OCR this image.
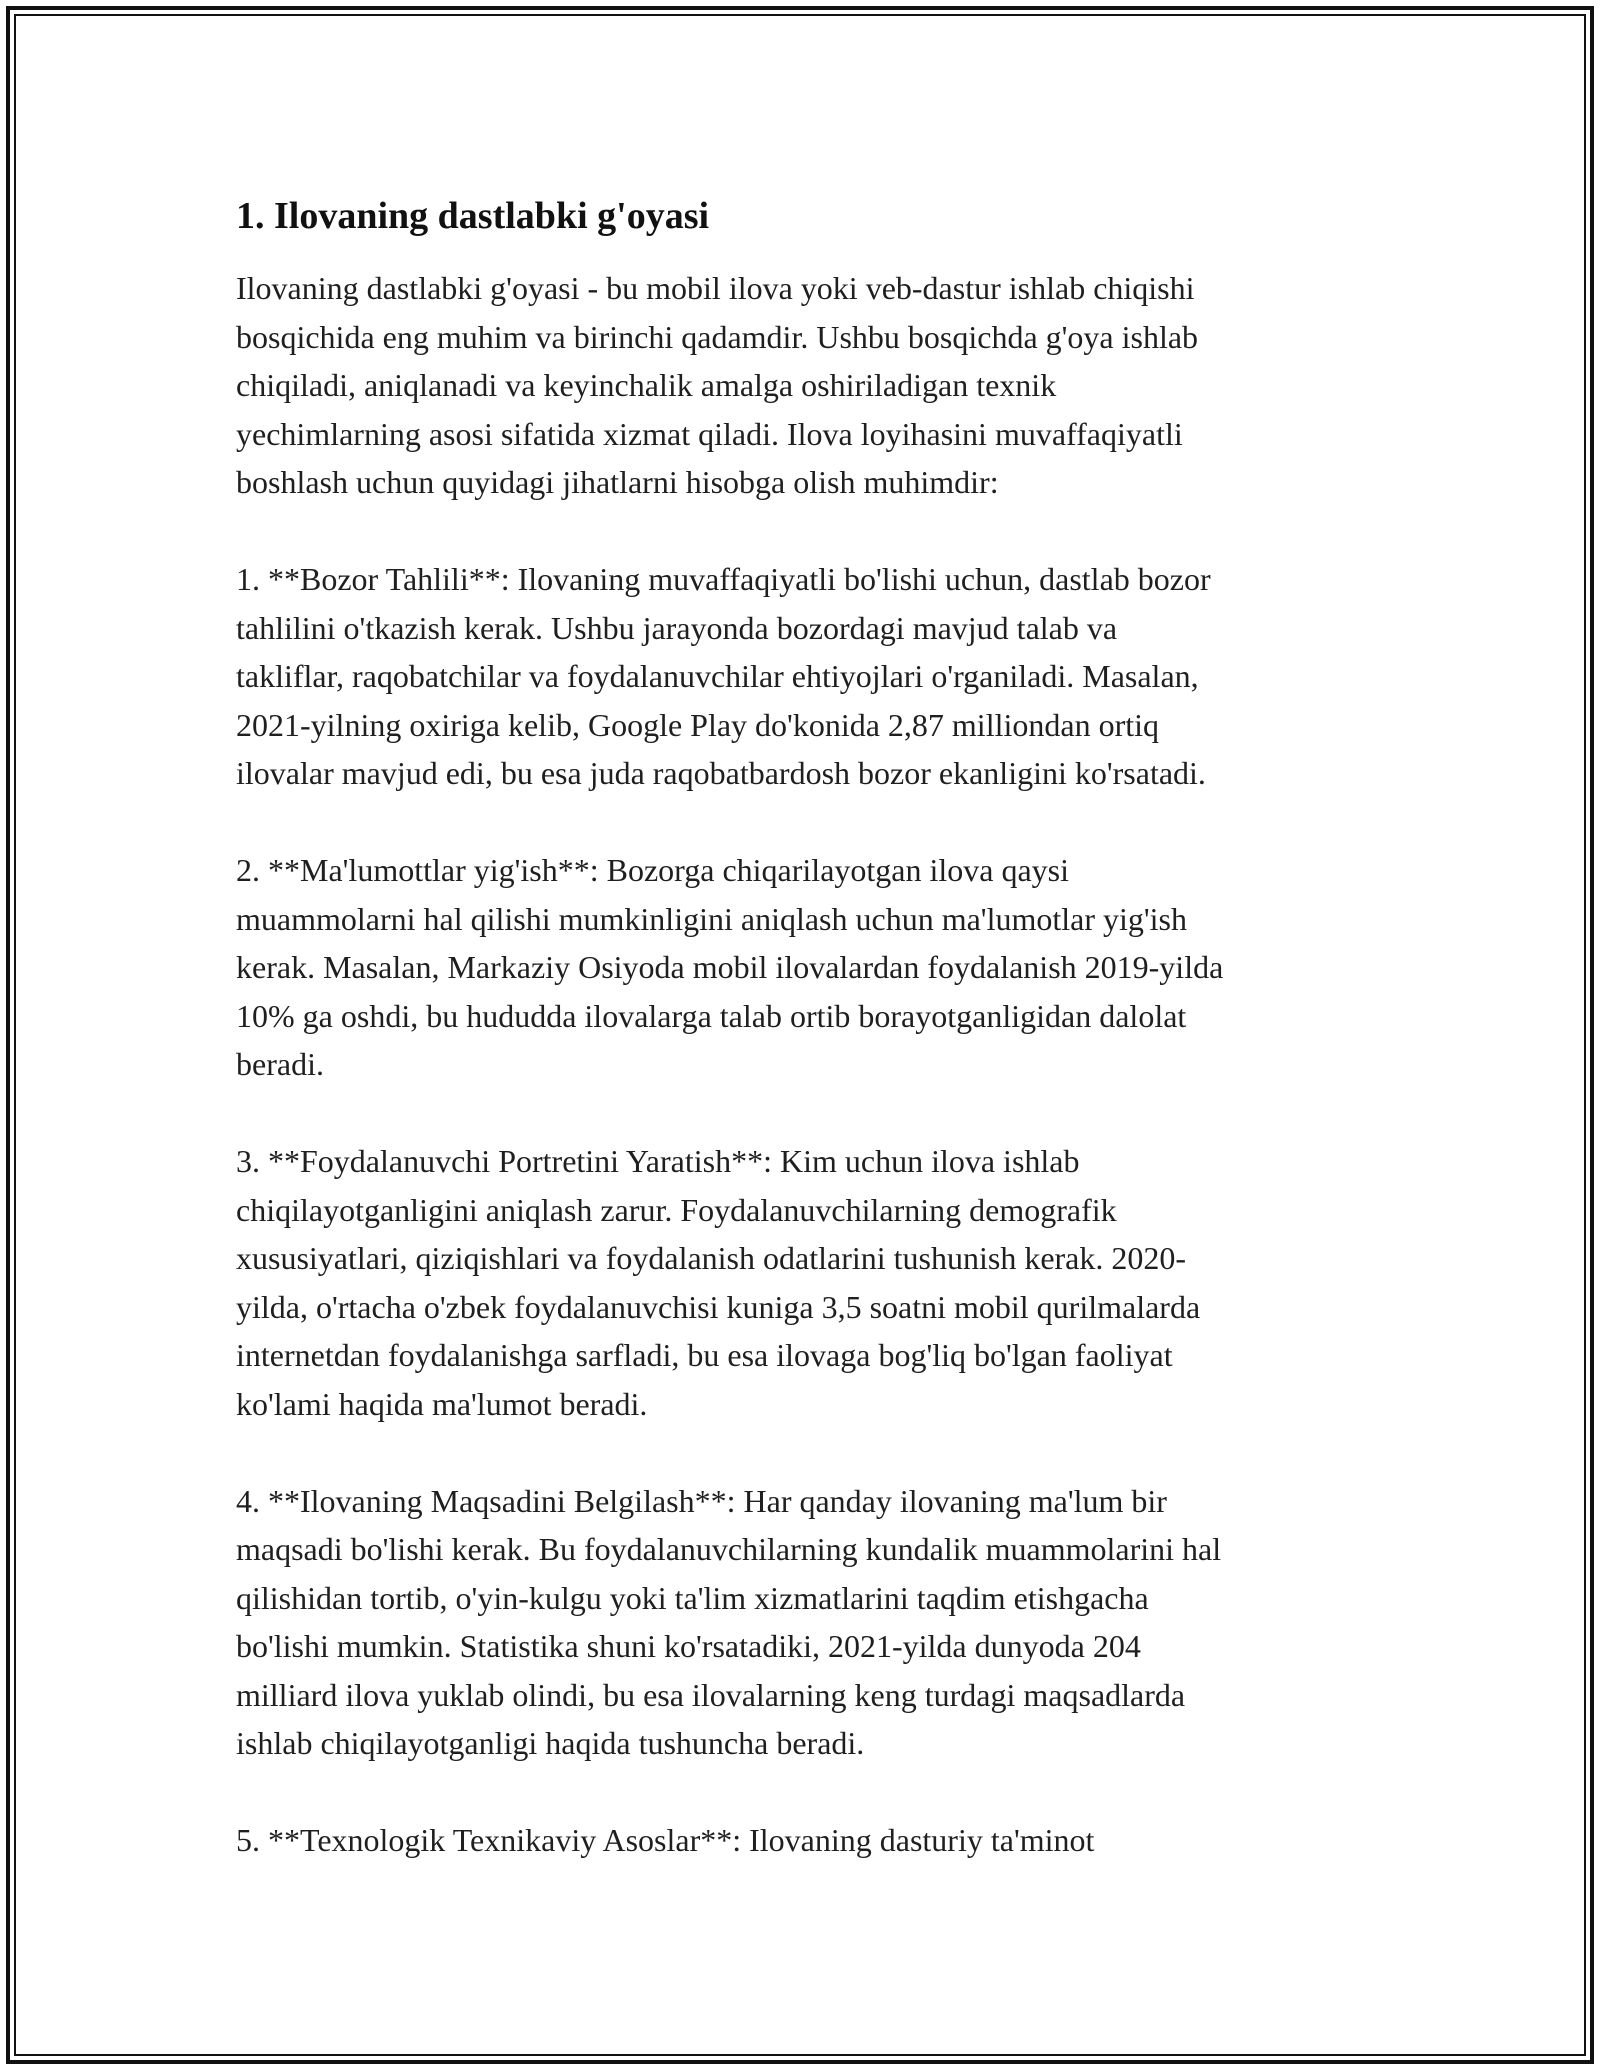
1. Ilovaning dastlabki g'oyasi

Ilovaning dastlabki g'oyasi - bu mobil ilova yoki veb-dastur ishlab chiqishi
bosqichida eng muhim va birinchi qadamdir. Ushbu bosqichda g'oya ishlab
chiqiladi, aniqlanadi va keyinchalik amalga oshiriladigan texnik
yechimlarning asosi sifatida xizmat qiladi. Ilova loyihasini muvaffaqiyatli
boshlash uchun quyidagi jihatlarni hisobga olish muhimdir:

1. **Bozor Tahlili**: Ilovaning muvaffaqiyatli bo'lishi uchun, dastlab bozor
tahlilini o'tkazish kerak. Ushbu jarayonda bozordagi mavjud talab va
takliflar, raqobatchilar va foydalanuvchilar ehtiyojlari o'rganiladi. Masalan,
2021-yilning oxiriga kelib, Google Play do'konida 2,87 milliondan ortiq
ilovalar mavjud edi, bu esa juda raqobatbardosh bozor ekanligini ko'rsatadi.

2. **Ma'lumottlar yig'ish**: Bozorga chiqarilayotgan ilova qaysi
muammolarni hal qilishi mumkinligini aniqlash uchun ma'lumotlar yig'ish
kerak. Masalan, Markaziy Osiyoda mobil ilovalardan foydalanish 2019-yilda
10% ga oshdi, bu hududda ilovalarga talab ortib borayotganligidan dalolat
beradi.

3. **Foydalanuvchi Portretini Yaratish**: Kim uchun ilova ishlab
chiqilayotganligini aniqlash zarur. Foydalanuvchilarning demografik
xususiyatlari, qiziqishlari va foydalanish odatlarini tushunish kerak. 2020-
yilda, o'rtacha o'zbek foydalanuvchisi kuniga 3,5 soatni mobil qurilmalarda
internetdan foydalanishga sarfladi, bu esa ilovaga bog'liq bo'lgan faoliyat
ko'lami haqida ma'lumot beradi.

4. **Ilovaning Maqsadini Belgilash**: Har qanday ilovaning ma'lum bir
maqsadi bo'lishi kerak. Bu foydalanuvchilarning kundalik muammolarini hal
qilishidan tortib, o'yin-kulgu yoki ta'lim xizmatlarini taqdim etishgacha
bo'lishi mumkin. Statistika shuni ko'rsatadiki, 2021-yilda dunyoda 204
milliard ilova yuklab olindi, bu esa ilovalarning keng turdagi maqsadlarda
ishlab chiqilayotganligi haqida tushuncha beradi.

5. **Texnologik Texnikaviy Asoslar**: Ilovaning dasturiy ta'minot
